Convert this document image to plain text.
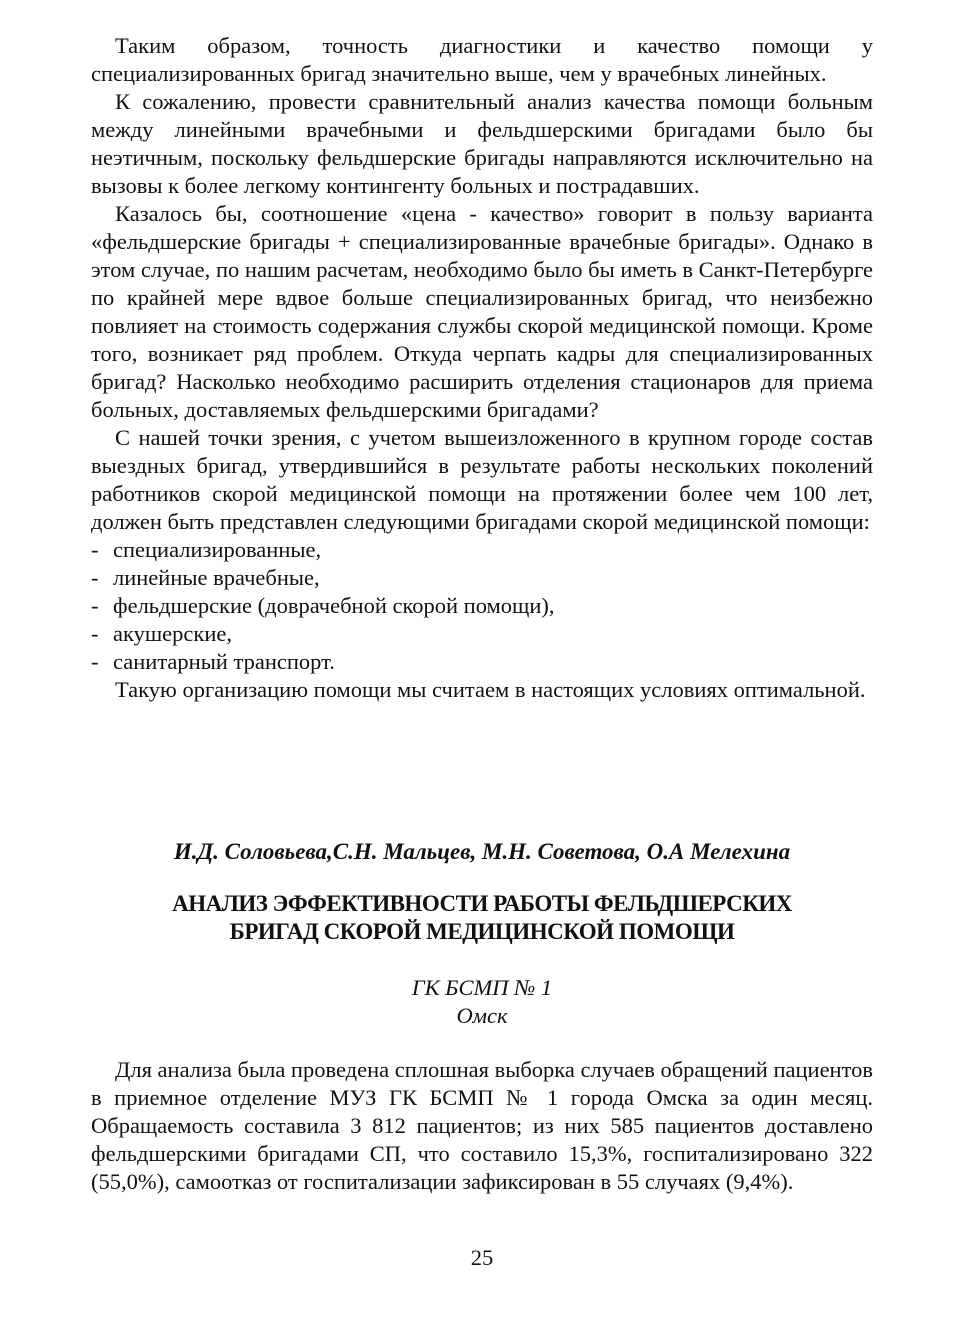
Таким образом, точность диагностики и качество помощи у специализированных бригад значительно выше, чем у врачебных линейных.

К сожалению, провести сравнительный анализ качества помощи больным между линейными врачебными и фельдшерскими бригадами было бы неэтичным, поскольку фельдшерские бригады направляются исключительно на вызовы к более легкому контингенту больных и пострадавших.

Казалось бы, соотношение «цена - качество» говорит в пользу варианта «фельдшерские бригады + специализированные врачебные бригады». Однако в этом случае, по нашим расчетам, необходимо было бы иметь в Санкт-Петербурге по крайней мере вдвое больше специализированных бригад, что неизбежно повлияет на стоимость содержания службы скорой медицинской помощи. Кроме того, возникает ряд проблем. Откуда черпать кадры для специализированных бригад? Насколько необходимо расширить отделения стационаров для приема больных, доставляемых фельдшерскими бригадами?

С нашей точки зрения, с учетом вышеизложенного в крупном городе состав выездных бригад, утвердившийся в результате работы нескольких поколений работников скорой медицинской помощи на протяжении более чем 100 лет, должен быть представлен следующими бригадами скорой медицинской помощи:

- специализированные,
- линейные врачебные,
- фельдшерские (доврачебной скорой помощи),
- акушерские,
- санитарный транспорт.

Такую организацию помощи мы считаем в настоящих условиях оптимальной.

И.Д. Соловьева,С.Н. Мальцев, М.Н. Советова, О.А Мелехина
АНАЛИЗ ЭФФЕКТИВНОСТИ РАБОТЫ ФЕЛЬДШЕРСКИХ
БРИГАД СКОРОЙ МЕДИЦИНСКОЙ ПОМОЩИ
ГК БСМП № 1
Омск

Для анализа была проведена сплошная выборка случаев обращений пациентов в приемное отделение МУЗ ГК БСМП № 1 города Омска за один месяц. Обращаемость составила 3 812 пациентов; из них 585 пациентов доставлено фельдшерскими бригадами СП, что составило 15,3%, госпитализировано 322 (55,0%), самоотказ от госпитализации зафиксирован в 55 случаях (9,4%).

25
